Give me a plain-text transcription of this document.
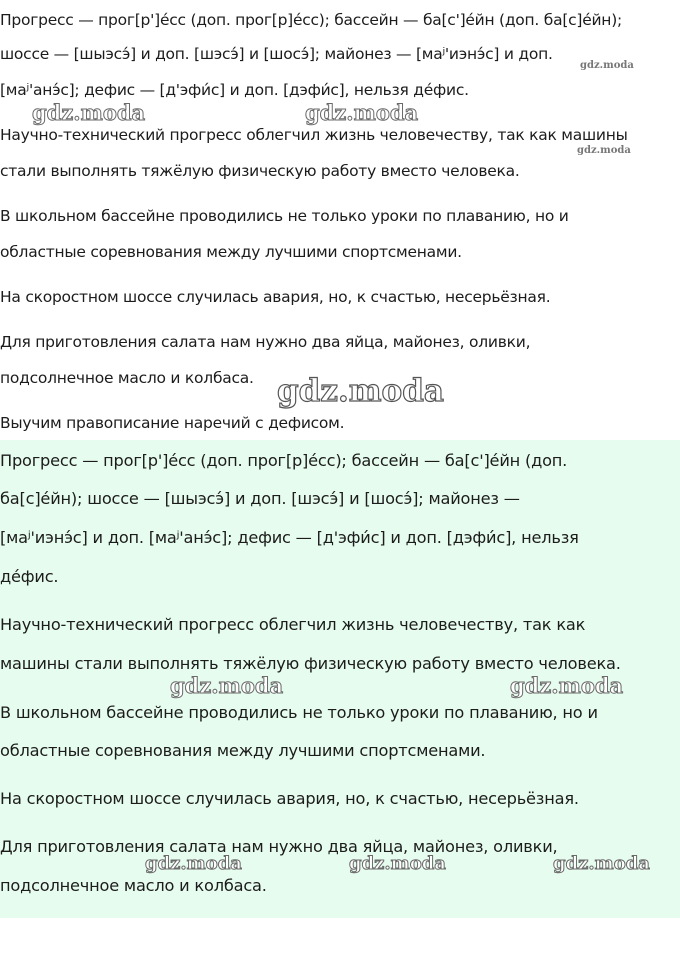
Прогресс — прог[р']е́сс (доп. прог[р]е́сс); бассейн — ба[с']е́йн (доп. ба[с]е́йн);
шоссе — [шыэсэ́] и доп. [шэсэ́] и [шосэ́]; майонез — [маʲ'иэнэ́с] и доп.
[маʲ'анэ́с]; дефис — [д'эфи́с] и доп. [дэфи́с], нельзя де́фис.
Научно-технический прогресс облегчил жизнь человечеству, так как машины
стали выполнять тяжёлую физическую работу вместо человека.
В школьном бассейне проводились не только уроки по плаванию, но и
областные соревнования между лучшими спортсменами.
На скоростном шоссе случилась авария, но, к счастью, несерьёзная.
Для приготовления салата нам нужно два яйца, майонез, оливки,
подсолнечное масло и колбаса.
Выучим правописание наречий с дефисом.
Прогресс — прог[р']е́сс (доп. прог[р]е́сс); бассейн — ба[с']е́йн (доп.
ба[с]е́йн); шоссе — [шыэсэ́] и доп. [шэсэ́] и [шосэ́]; майонез —
[маʲ'иэнэ́с] и доп. [маʲ'анэ́с]; дефис — [д'эфи́с] и доп. [дэфи́с], нельзя
де́фис.
Научно-технический прогресс облегчил жизнь человечеству, так как
машины стали выполнять тяжёлую физическую работу вместо человека.
В школьном бассейне проводились не только уроки по плаванию, но и
областные соревнования между лучшими спортсменами.
На скоростном шоссе случилась авария, но, к счастью, несерьёзная.
Для приготовления салата нам нужно два яйца, майонез, оливки,
подсолнечное масло и колбаса.
gdz.moda
gdz.moda	gdz.moda
gdz.moda
gdz.moda
gdz.moda	gdz.moda
gdz.moda	gdz.moda	gdz.moda
